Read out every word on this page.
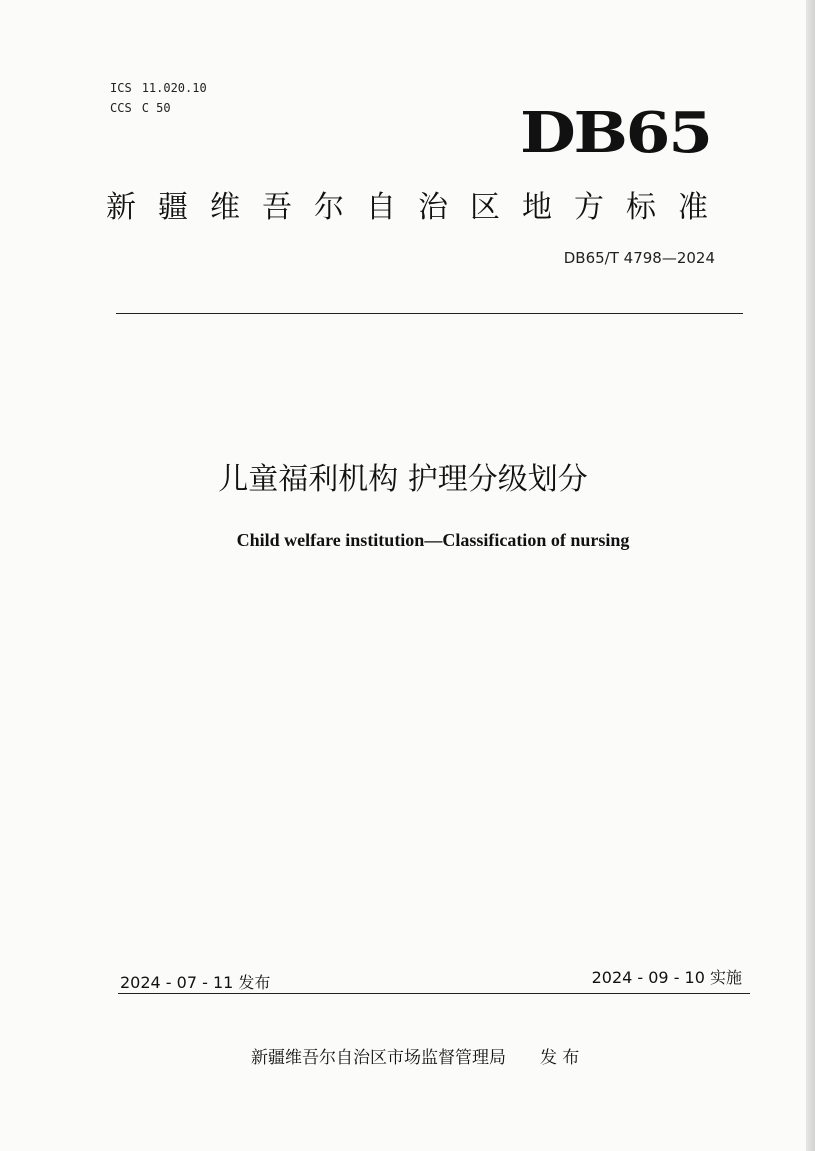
ICS 11.020.10
CCS C 50	DB65
新疆维吾尔自治区地方标准
DB65/T 4798—2024
儿童福利机构 护理分级划分
Child welfare institution—Classification of nursing
2024 - 07 - 11 发布	2024 - 09 - 10 实施
新疆维吾尔自治区市场监督管理局 发 布
